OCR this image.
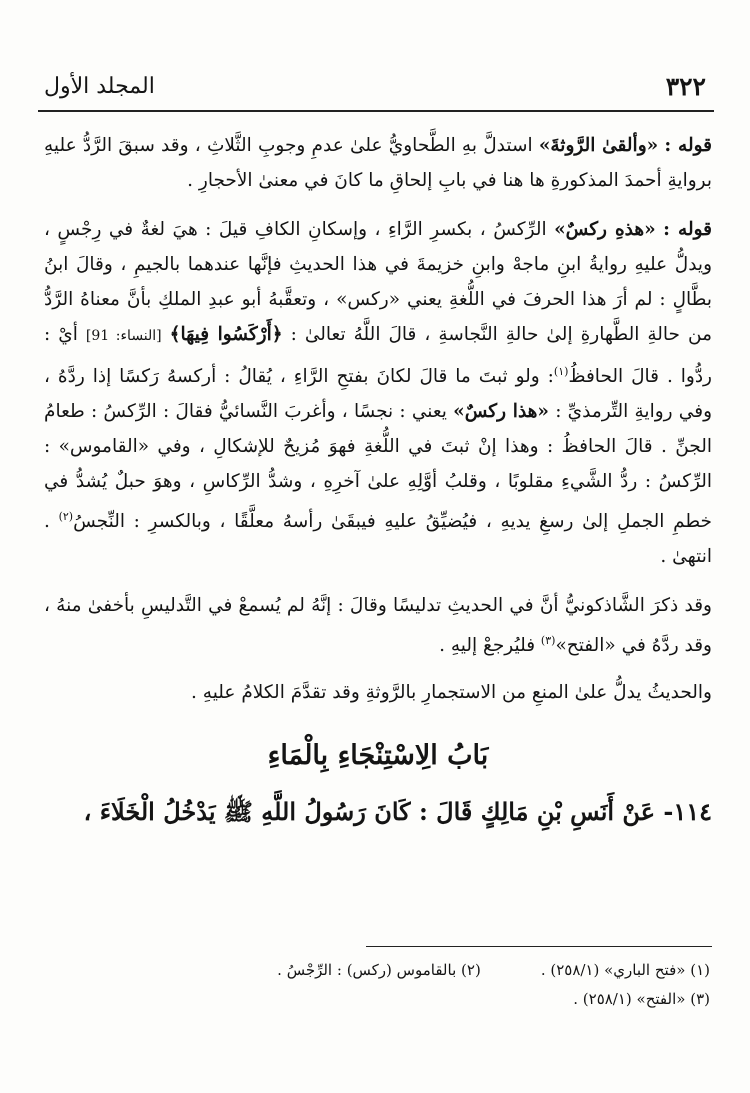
٣٢٢
المجلد الأول

قوله : «وألقىٰ الرَّوثةَ» استدلَّ بهِ الطَّحاويُّ علىٰ عدمِ وجوبِ الثَّلاثِ ، وقد سبقَ الرَّدُّ عليهِ بروايةِ أحمدَ المذكورةِ ها هنا في بابِ إلحاقِ ما كانَ في معنىٰ الأحجارِ .

قوله : «هذهِ ركسٌ» الرِّكسُ ، بكسرِ الرَّاءِ ، وإسكانِ الكافِ قيلَ : هيَ لغةٌ في رِجْسٍ ، ويدلُّ عليهِ روايةُ ابنِ ماجهْ وابنِ خزيمةَ في هذا الحديثِ فإنَّها عندهما بالجيمِ ، وقالَ ابنُ بطَّالٍ : لم أرَ هذا الحرفَ في اللُّغةِ يعني «ركس» ، وتعقَّبهُ أبو عبدِ الملكِ بأنَّ معناهُ الرَّدُّ من حالةِ الطَّهارةِ إلىٰ حالةِ النَّجاسةِ ، قالَ اللَّهُ تعالىٰ : ﴿أَرْكَسُوا فِيهَا﴾ [النساء: 91] أيْ : ردُّوا . قالَ الحافظُ$^{(١)}$: ولو ثبتَ ما قالَ لكانَ بفتحِ الرَّاءِ ، يُقالُ : أركسهُ رَكسًا إذا ردَّهُ ، وفي روايةِ التِّرمذيِّ : «هذا ركسٌ» يعني : نجسًا ، وأغربَ النَّسائيُّ فقالَ : الرِّكسُ : طعامُ الجنِّ . قالَ الحافظُ : وهذا إنْ ثبتَ في اللُّغةِ فهوَ مُزيحٌ للإشكالِ ، وفي «القاموس» : الرِّكسُ : ردُّ الشَّيءِ مقلوبًا ، وقلبُ أوَّلِهِ علىٰ آخرِهِ ، وشدُّ الرِّكاسِ ، وهوَ حبلٌ يُشدُّ في خطمِ الجملِ إلىٰ رسغِ يديهِ ، فيُضيِّقُ عليهِ فيبقَىٰ رأسهُ معلَّقًا ، وبالكسرِ : النِّجسُ$^{(٢)}$ . انتهىٰ .

وقد ذكرَ الشَّاذكونيُّ أنَّ في الحديثِ تدليسًا وقالَ : إنَّهُ لم يُسمعْ في التَّدليسِ بأخفىٰ منهُ ، وقد ردَّهُ في «الفتح»$^{(٣)}$ فليُرجعْ إليهِ .

والحديثُ يدلُّ علىٰ المنعِ من الاستجمارِ بالرَّوثةِ وقد تقدَّمَ الكلامُ عليهِ .

بَابُ الِاسْتِنْجَاءِ بِالْمَاءِ

١١٤- عَنْ أَنَسِ بْنِ مَالِكٍ قَالَ : كَانَ رَسُولُ اللَّهِ ﷺ يَدْخُلُ الْخَلَاءَ ،

(١) «فتح الباري» (٢٥٨/١) .
(٢) بالقاموس (ركس) : الرِّجْسُ .
(٣) «الفتح» (٢٥٨/١) .
